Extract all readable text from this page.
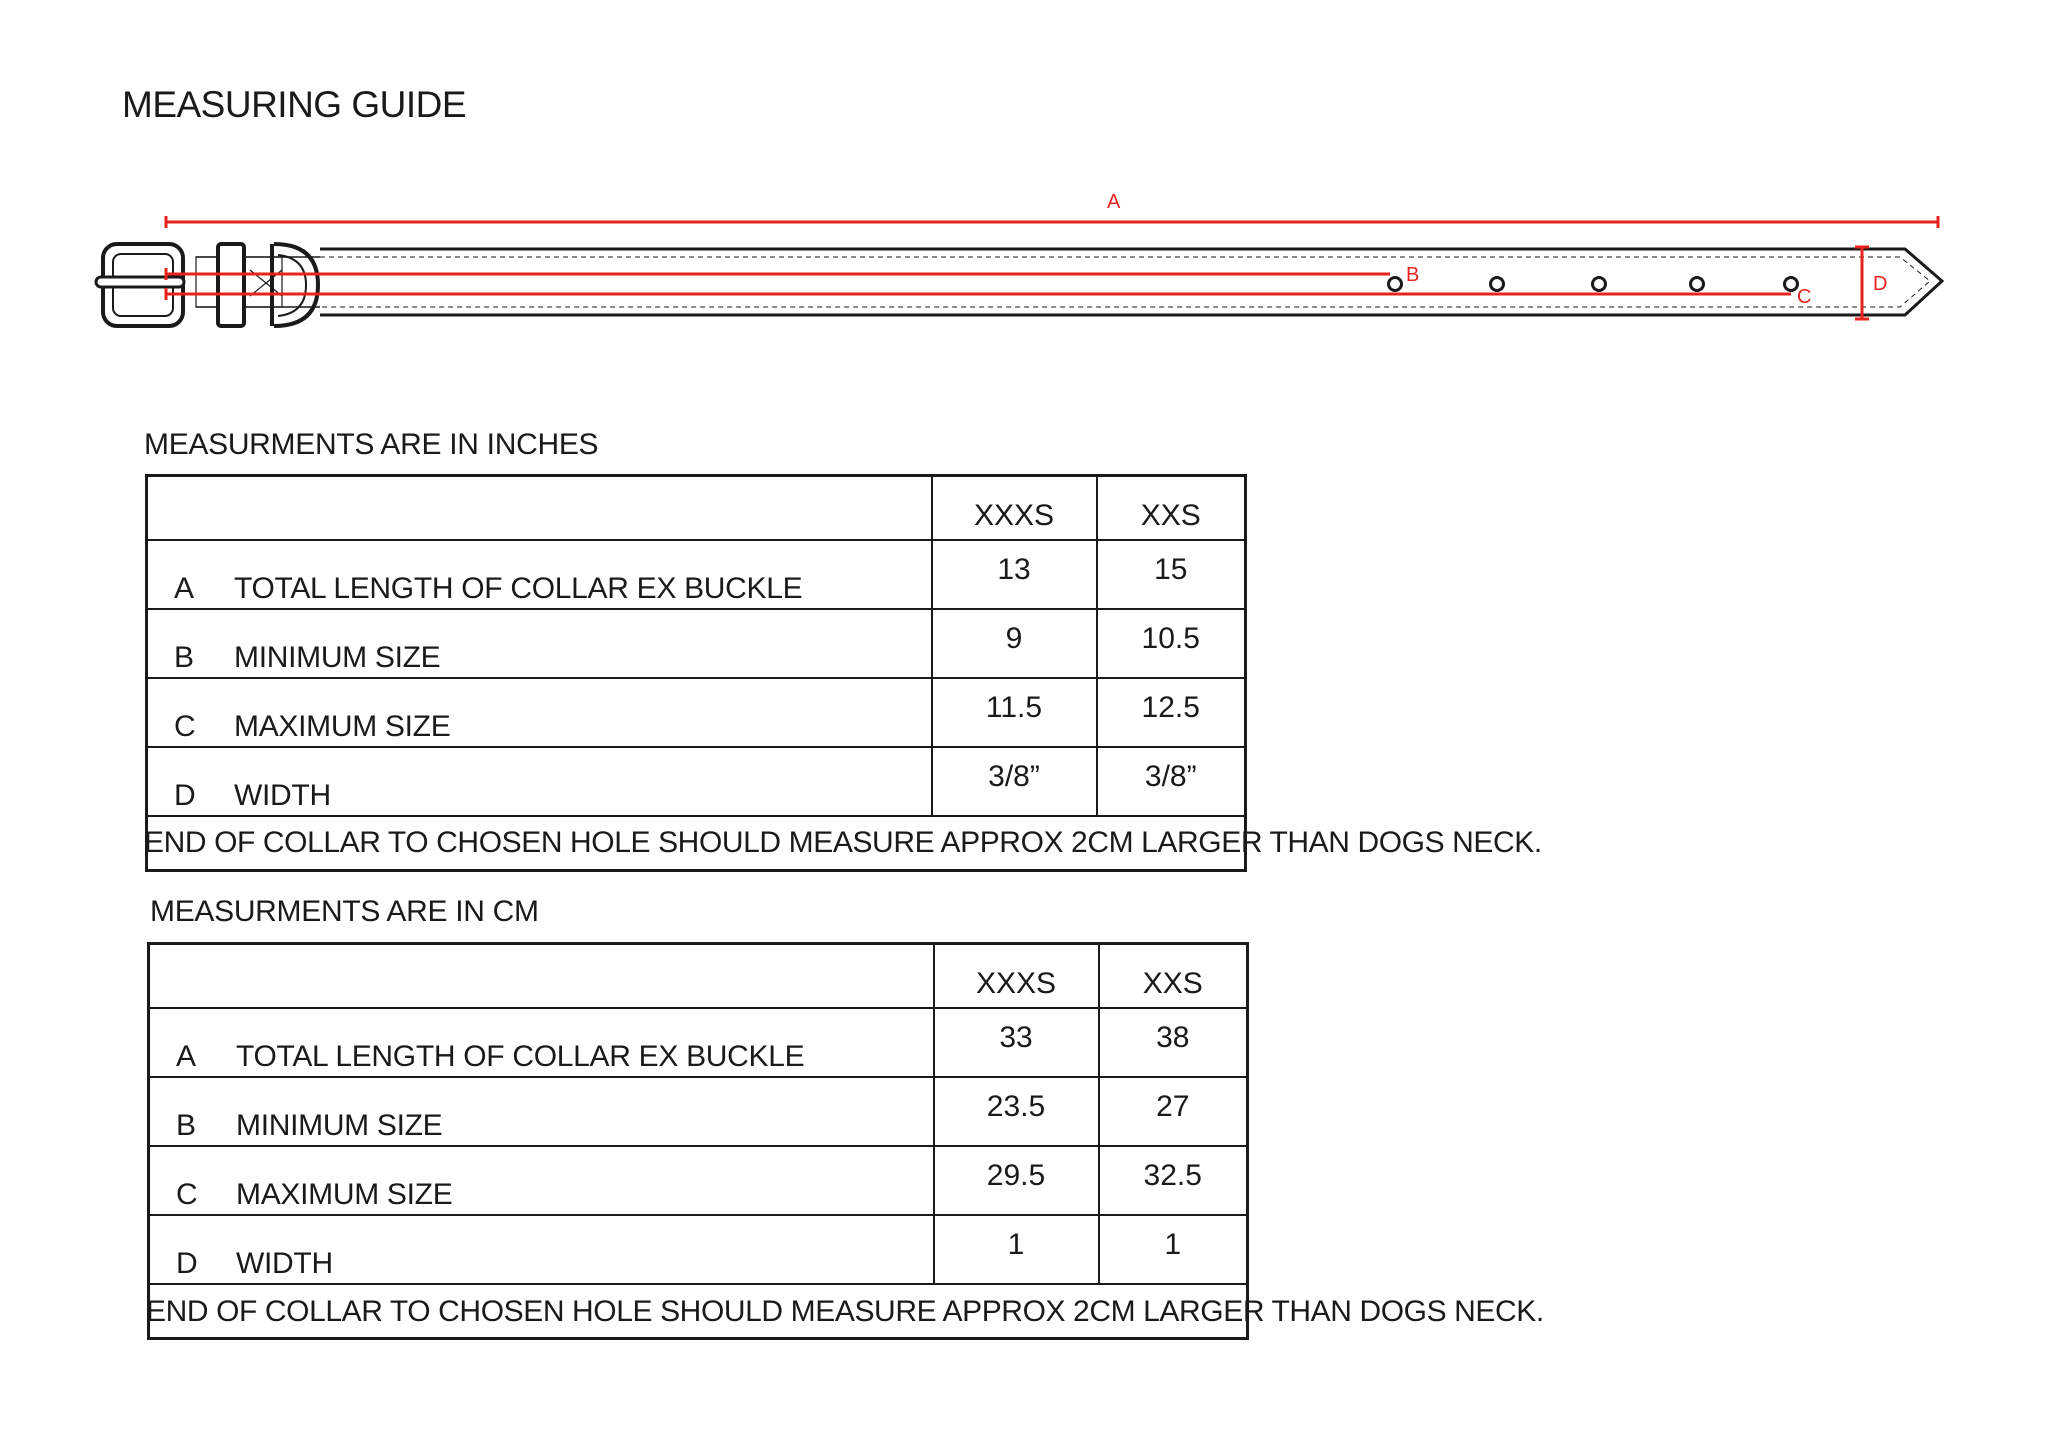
MEASURING GUIDE
A
B
C
D
MEASURMENTS ARE IN INCHES
	XXXS	XXS

A TOTAL LENGTH OF COLLAR EX BUCKLE	13	15

B MINIMUM SIZE	9	10.5

C MAXIMUM SIZE	11.5	12.5

D WIDTH	3/8”	3/8”

END OF COLLAR TO CHOSEN HOLE SHOULD MEASURE APPROX 2CM LARGER THAN DOGS NECK.
MEASURMENTS ARE IN CM
	XXXS	XXS

A TOTAL LENGTH OF COLLAR EX BUCKLE	33	38

B MINIMUM SIZE	23.5	27

C MAXIMUM SIZE	29.5	32.5

D WIDTH	1	1

END OF COLLAR TO CHOSEN HOLE SHOULD MEASURE APPROX 2CM LARGER THAN DOGS NECK.
